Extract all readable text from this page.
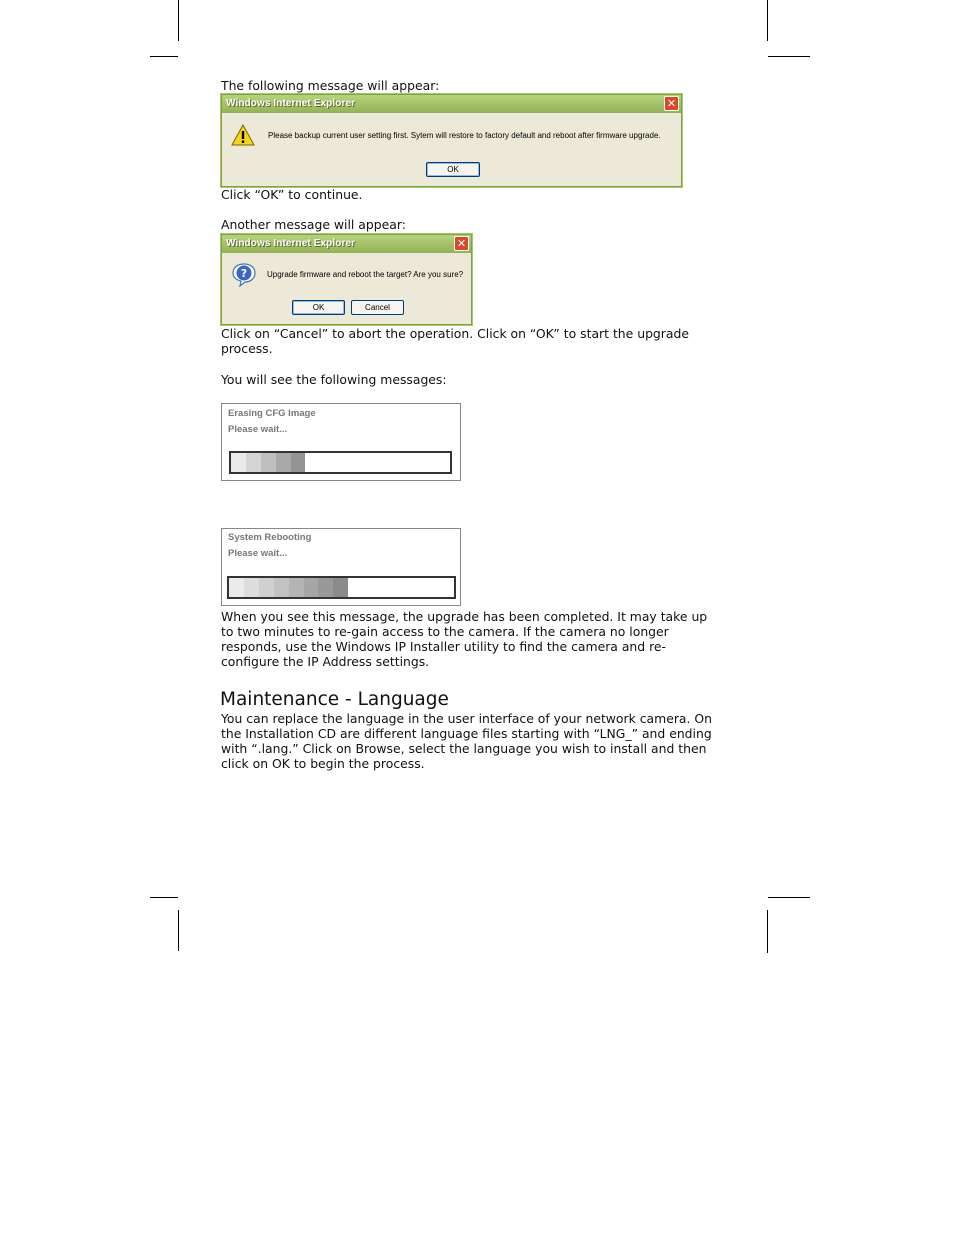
The following message will appear:

Windows Internet Explorer	✕
Please backup current user setting first. Sytem will restore to factory default and reboot after firmware upgrade.
OK

Click “OK” to continue.

Another message will appear:

Windows Internet Explorer	✕
? Upgrade firmware and reboot the target? Are you sure?
OK	Cancel

Click on “Cancel” to abort the operation. Click on “OK” to start the upgrade process.

You will see the following messages:

Erasing CFG Image
Please wait...
System Rebooting
Please wait...

When you see this message, the upgrade has been completed. It may take up to two minutes to re-gain access to the camera. If the camera no longer responds, use the Windows IP Installer utility to find the camera and re-configure the IP Address settings.

Maintenance - Language

You can replace the language in the user interface of your network camera. On the Installation CD are different language files starting with “LNG_” and ending with “.lang.” Click on Browse, select the language you wish to install and then click on OK to begin the process.
